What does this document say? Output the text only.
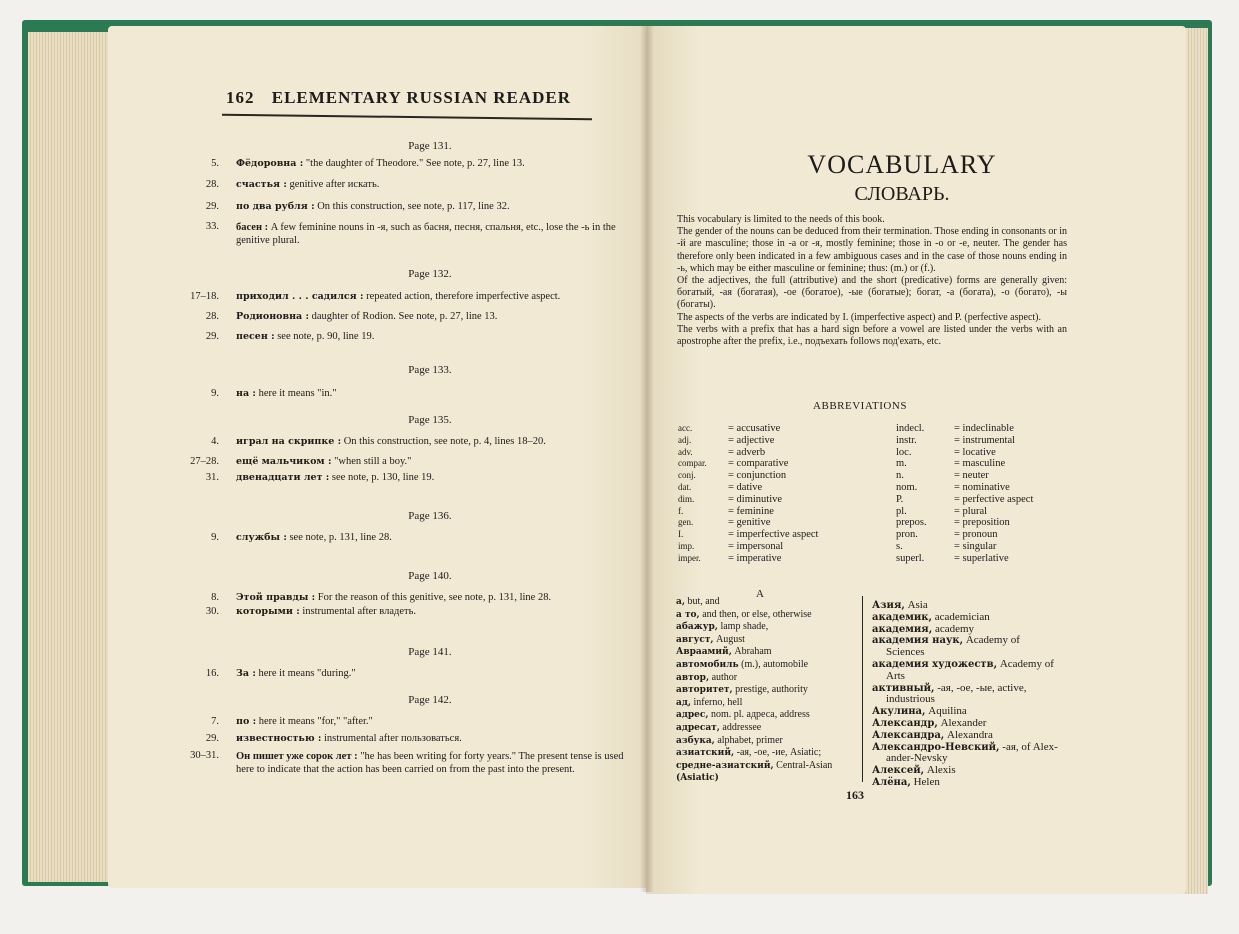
162 ELEMENTARY RUSSIAN READER
Page 131.
5. Фёдоровна : "the daughter of Theodore." See note, p. 27, line 13.
28. счастья : genitive after искать.
29. по два рубля : On this construction, see note, p. 117, line 32.
33. басен : A few feminine nouns in -я, such as басня, песня, спальня, etc., lose the -ь in the genitive plural.
Page 132.
17–18. приходил . . . садился : repeated action, therefore imperfective aspect.
28. Родионовна : daughter of Rodion. See note, p. 27, line 13.
29. песен : see note, p. 90, line 19.
Page 133.
9. на : here it means "in."
Page 135.
4. играл на скрипке : On this construction, see note, p. 4, lines 18–20.
27–28. ещё мальчиком : "when still a boy."
31. двенадцати лет : see note, p. 130, line 19.
Page 136.
9. службы : see note, p. 131, line 28.
Page 140.
8. Этой правды : For the reason of this genitive, see note, p. 131, line 28.
30. которыми : instrumental after владеть.
Page 141.
16. За : here it means "during."
Page 142.
7. по : here it means "for," "after."
29. известностью : instrumental after пользоваться.
30–31. Он пишет уже сорок лет : "he has been writing for forty years." The present tense is used here to indicate that the action has been carried on from the past into the present.
VOCABULARY
СЛОВАРЬ.
This vocabulary is limited to the needs of this book.
The gender of the nouns can be deduced from their termination. Those ending in consonants or in -й are masculine; those in -а or -я, mostly feminine; those in -о or -е, neuter. The gender has therefore only been indicated in a few ambiguous cases and in the case of those nouns ending in -ь, which may be either masculine or feminine; thus: (m.) or (f.).
Of the adjectives, the full (attributive) and the short (predicative) forms are generally given: богатый, -ая (богатая), -ое (богатое), -ые (богатые); богат, -а (богата), -о (богато), -ы (богаты).
The aspects of the verbs are indicated by I. (imperfective aspect) and P. (perfective aspect).
The verbs with a prefix that has a hard sign before a vowel are listed under the verbs with an apostrophe after the prefix, i.e., подъехать follows под'ехать, etc.
ABBREVIATIONS
acc.	= accusative
adj.	= adjective
adv.	= adverb
compar. = comparative
conj.	= conjunction
dat.	= dative
dim.	= diminutive
f.	= feminine
gen.	= genitive
I.	= imperfective aspect
imp.	= impersonal
imper.	= imperative
indecl.	= indeclinable
instr.	= instrumental
loc.	= locative
m.	= masculine
n.	= neuter
nom.	= nominative
P.	= perfective aspect
pl.	= plural
prepos.	= preposition
pron.	= pronoun
s.	= singular
superl.	= superlative
A
а, but, and
а то, and then, or else, otherwise
абажур, lamp shade,
август, August
Авраамий, Abraham
автомобиль (m.), automobile
автор, author
авторитет, prestige, authority
ад, inferno, hell
адрес, nom. pl. адреса, address
адресат, addressee
азбука, alphabet, primer
азиатский, -ая, -ое, -ие, Asiatic;
средне-азиатский, Central-Asian
(Asiatic)
Азия, Asia
академик, academician
академия, academy
академия наук, Academy of
Sciences
академия художеств, Academy of
Arts
активный, -ая, -ое, -ые, active,
industrious
Акулина, Aquilina
Александр, Alexander
Александра, Alexandra
Александро-Невский, -ая, of Alex-
ander-Nevsky
Алексей, Alexis
Алёна, Helen
163
